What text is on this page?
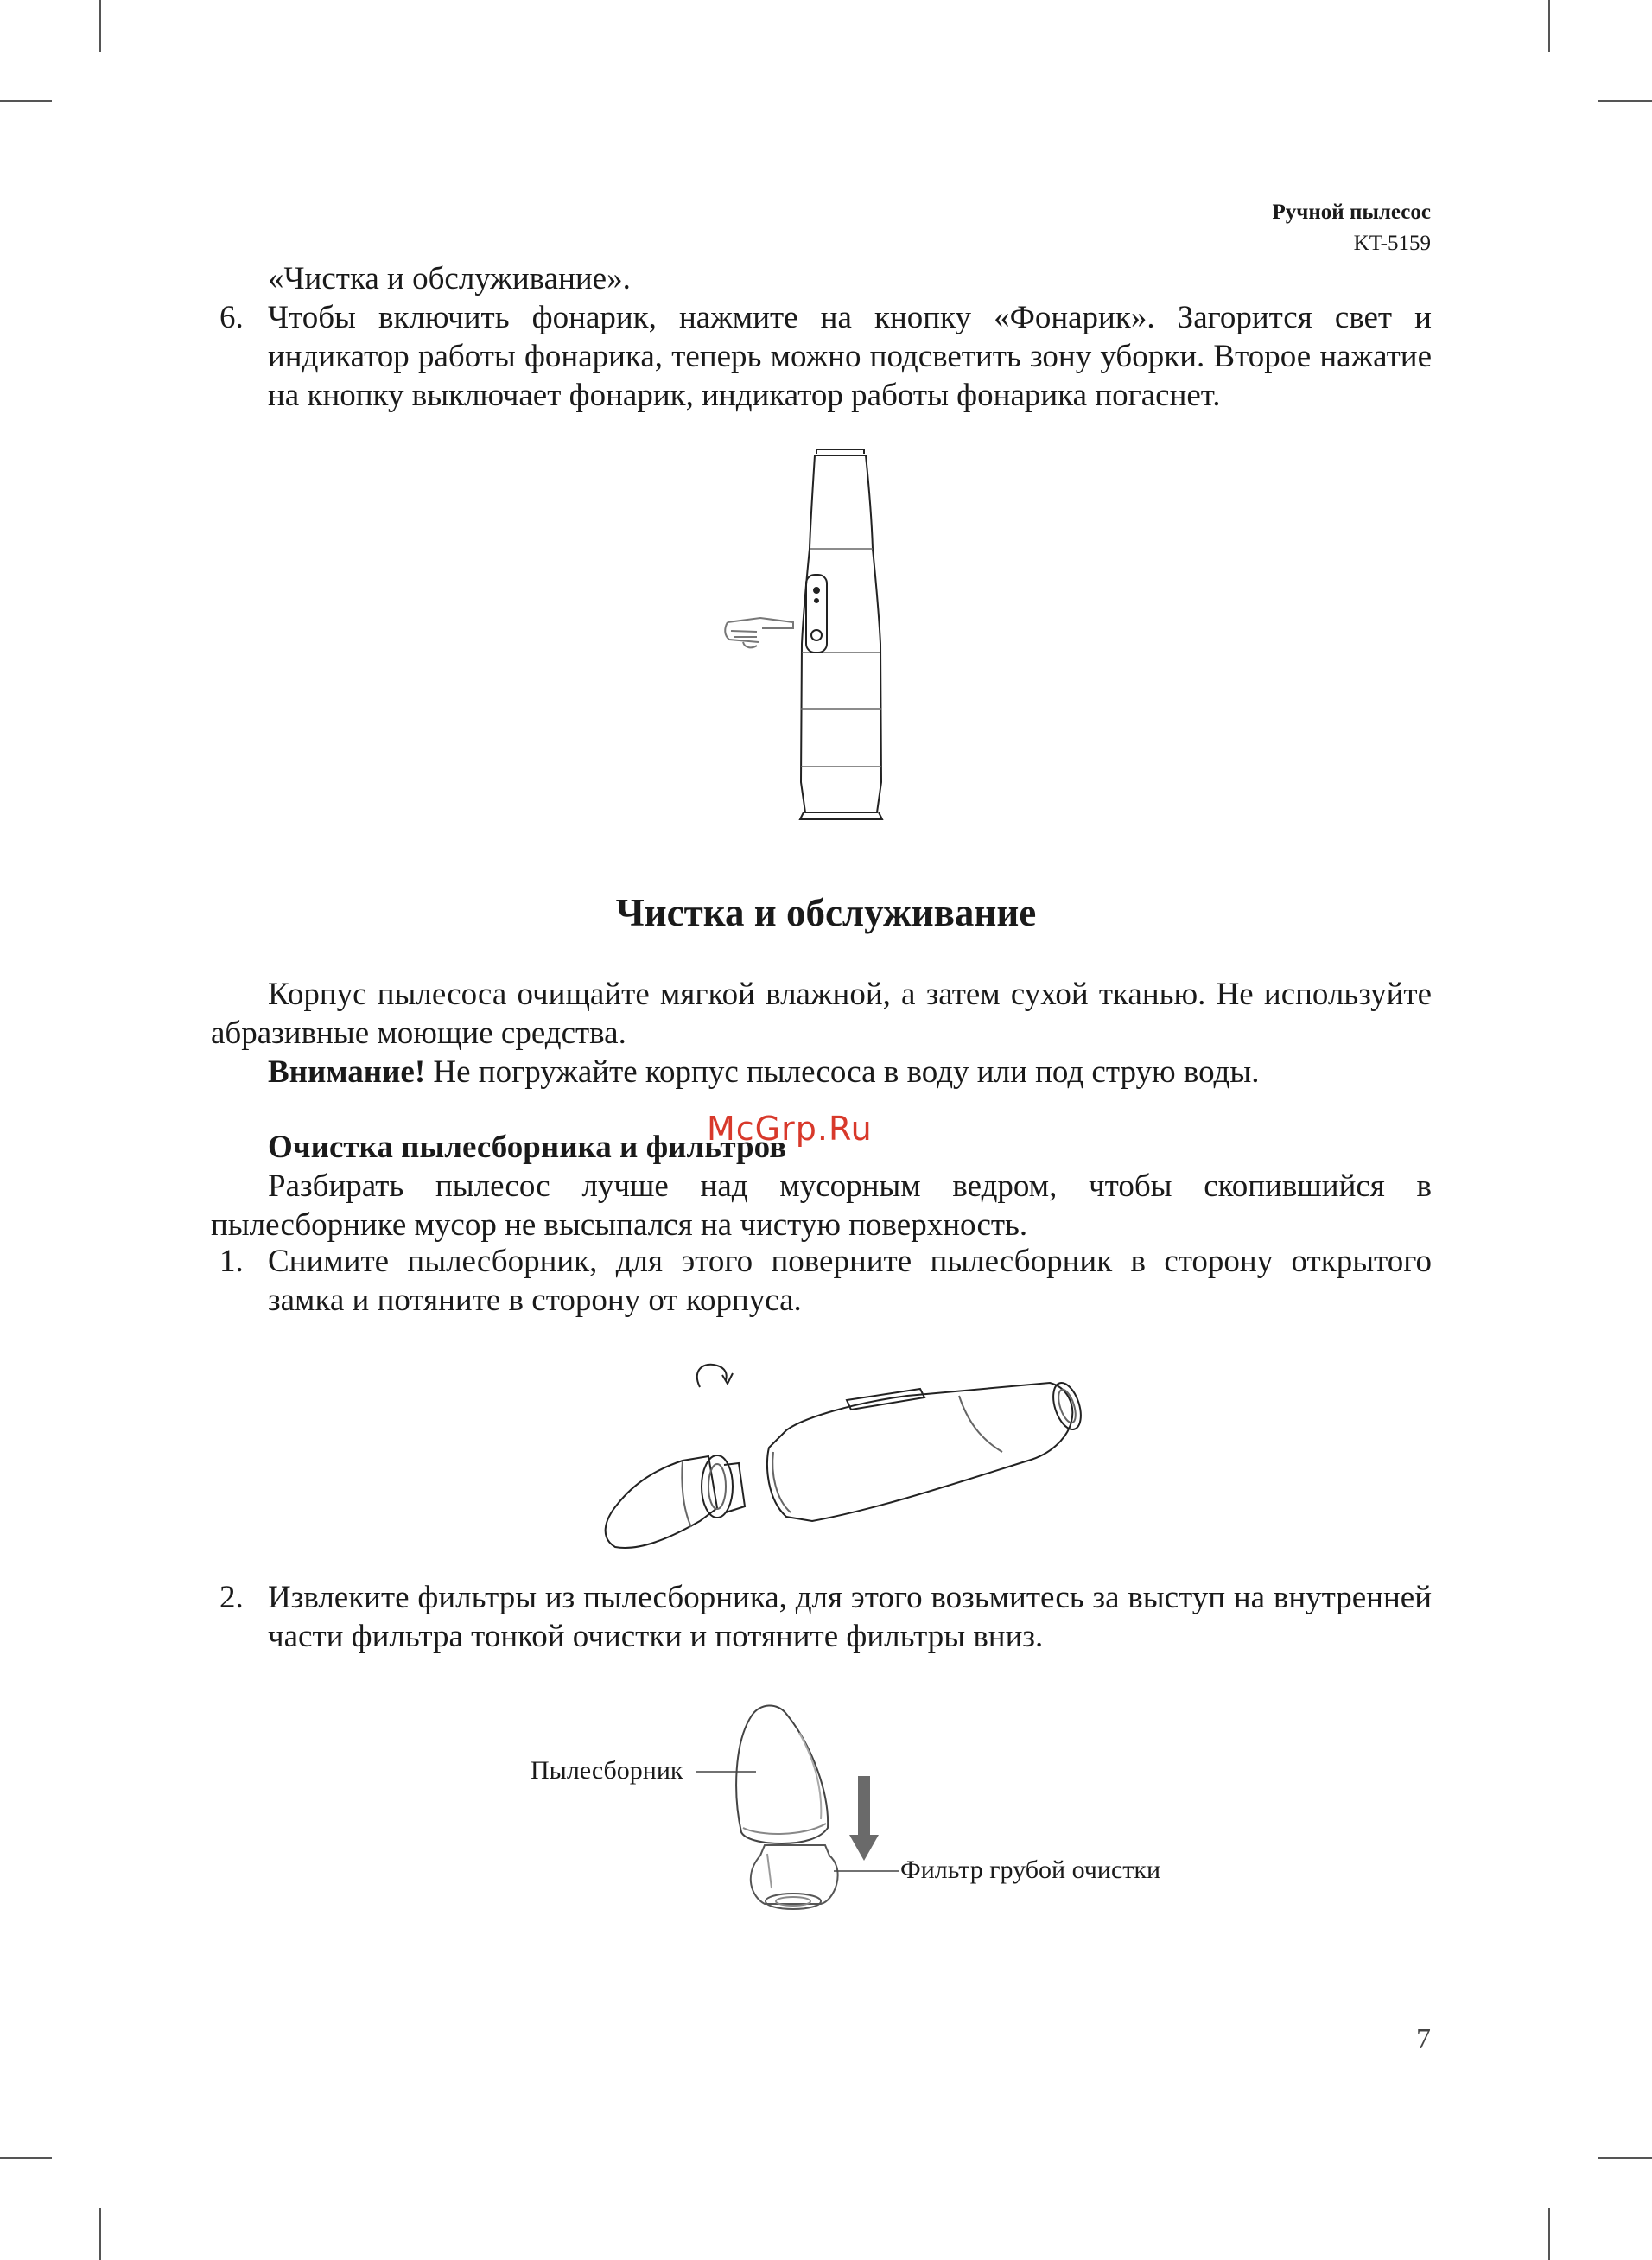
Ручной пылесос
KT-5159
«Чистка и обслуживание».
6. Чтобы включить фонарик, нажмите на кнопку «Фонарик». Загорится свет и индикатор работы фонарика, теперь можно подсветить зону уборки. Второе нажатие на кнопку выключает фонарик, индикатор работы фонарика погаснет.
Чистка и обслуживание
Корпус пылесоса очищайте мягкой влажной, а затем сухой тканью. Не используйте абразивные моющие средства.
Внимание! Не погружайте корпус пылесоса в воду или под струю воды.
Очистка пылесборника и фильтров
McGrp.Ru
Разбирать пылесос лучше над мусорным ведром, чтобы скопившийся в пылесборнике мусор не высыпался на чистую поверхность.
1. Снимите пылесборник, для этого поверните пылесборник в сторону открытого замка и потяните в сторону от корпуса.
2. Извлеките фильтры из пылесборника, для этого возьмитесь за выступ на внутренней части фильтра тонкой очистки и потяните фильтры вниз.
Пылесборник
Фильтр грубой очистки
7
